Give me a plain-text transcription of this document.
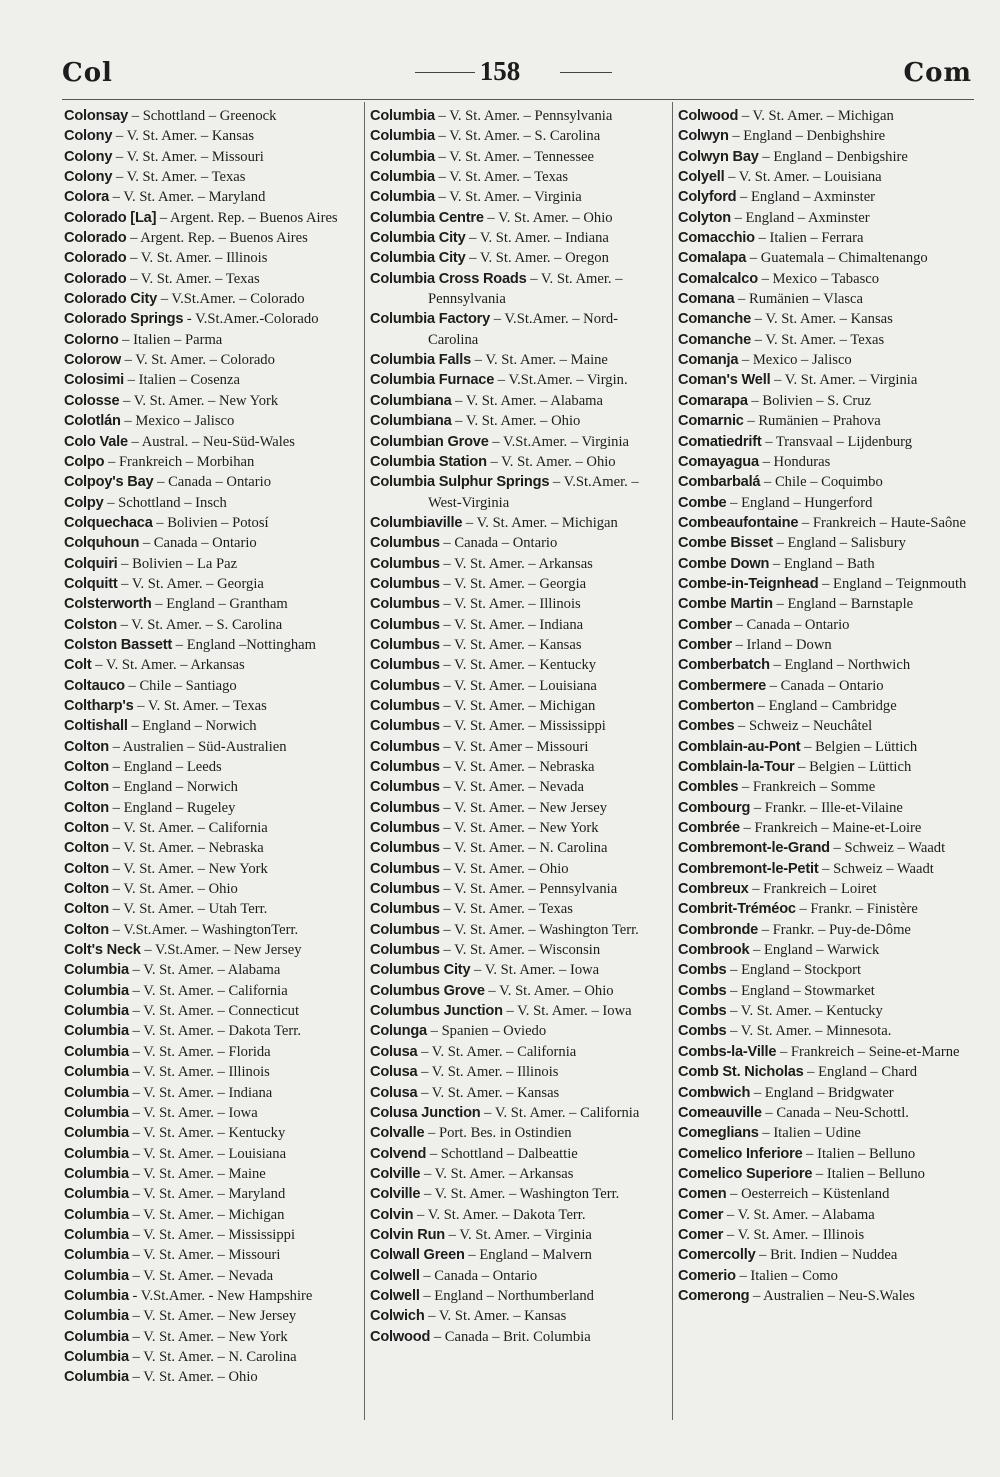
Col	158	Com
Colonsay – Schottland – Greenock
Colony – V. St. Amer. – Kansas
Colony – V. St. Amer. – Missouri
Colony – V. St. Amer. – Texas
Colora – V. St. Amer. – Maryland
Colorado [La] – Argent. Rep. – Buenos Aires
Colorado – Argent. Rep. – Buenos Aires
Colorado – V. St. Amer. – Illinois
Colorado – V. St. Amer. – Texas
Colorado City – V.St.Amer. – Colorado
Colorado Springs - V.St.Amer.-Colorado
Colorno – Italien – Parma
Colorow – V. St. Amer. – Colorado
Colosimi – Italien – Cosenza
Colosse – V. St. Amer. – New York
Colotlán – Mexico – Jalisco
Colo Vale – Austral. – Neu-Süd-Wales
Colpo – Frankreich – Morbihan
Colpoy's Bay – Canada – Ontario
Colpy – Schottland – Insch
Colquechaca – Bolivien – Potosí
Colquhoun – Canada – Ontario
Colquiri – Bolivien – La Paz
Colquitt – V. St. Amer. – Georgia
Colsterworth – England – Grantham
Colston – V. St. Amer. – S. Carolina
Colston Bassett – England –Nottingham
Colt – V. St. Amer. – Arkansas
Coltauco – Chile – Santiago
Coltharp's – V. St. Amer. – Texas
Coltishall – England – Norwich
Colton – Australien – Süd-Australien
Colton – England – Leeds
Colton – England – Norwich
Colton – England – Rugeley
Colton – V. St. Amer. – California
Colton – V. St. Amer. – Nebraska
Colton – V. St. Amer. – New York
Colton – V. St. Amer. – Ohio
Colton – V. St. Amer. – Utah Terr.
Colton – V.St.Amer. – WashingtonTerr.
Colt's Neck – V.St.Amer. – New Jersey
Columbia – V. St. Amer. – Alabama
Columbia – V. St. Amer. – California
Columbia – V. St. Amer. – Connecticut
Columbia – V. St. Amer. – Dakota Terr.
Columbia – V. St. Amer. – Florida
Columbia – V. St. Amer. – Illinois
Columbia – V. St. Amer. – Indiana
Columbia – V. St. Amer. – Iowa
Columbia – V. St. Amer. – Kentucky
Columbia – V. St. Amer. – Louisiana
Columbia – V. St. Amer. – Maine
Columbia – V. St. Amer. – Maryland
Columbia – V. St. Amer. – Michigan
Columbia – V. St. Amer. – Mississippi
Columbia – V. St. Amer. – Missouri
Columbia – V. St. Amer. – Nevada
Columbia - V.St.Amer. - New Hampshire
Columbia – V. St. Amer. – New Jersey
Columbia – V. St. Amer. – New York
Columbia – V. St. Amer. – N. Carolina
Columbia – V. St. Amer. – Ohio
Columbia – V. St. Amer. – Pennsylvania
Columbia – V. St. Amer. – S. Carolina
Columbia – V. St. Amer. – Tennessee
Columbia – V. St. Amer. – Texas
Columbia – V. St. Amer. – Virginia
Columbia Centre – V. St. Amer. – Ohio
Columbia City – V. St. Amer. – Indiana
Columbia City – V. St. Amer. – Oregon
Columbia Cross Roads – V. St. Amer. – Pennsylvania
Columbia Factory – V.St.Amer. – Nord-Carolina
Columbia Falls – V. St. Amer. – Maine
Columbia Furnace – V.St.Amer. – Virgin.
Columbiana – V. St. Amer. – Alabama
Columbiana – V. St. Amer. – Ohio
Columbian Grove – V.St.Amer. – Virginia
Columbia Station – V. St. Amer. – Ohio
Columbia Sulphur Springs – V.St.Amer. – West-Virginia
Columbiaville – V. St. Amer. – Michigan
Columbus – Canada – Ontario
Columbus – V. St. Amer. – Arkansas
Columbus – V. St. Amer. – Georgia
Columbus – V. St. Amer. – Illinois
Columbus – V. St. Amer. – Indiana
Columbus – V. St. Amer. – Kansas
Columbus – V. St. Amer. – Kentucky
Columbus – V. St. Amer. – Louisiana
Columbus – V. St. Amer. – Michigan
Columbus – V. St. Amer. – Mississippi
Columbus – V. St. Amer – Missouri
Columbus – V. St. Amer. – Nebraska
Columbus – V. St. Amer. – Nevada
Columbus – V. St. Amer. – New Jersey
Columbus – V. St. Amer. – New York
Columbus – V. St. Amer. – N. Carolina
Columbus – V. St. Amer. – Ohio
Columbus – V. St. Amer. – Pennsylvania
Columbus – V. St. Amer. – Texas
Columbus – V. St. Amer. – Washington Terr.
Columbus – V. St. Amer. – Wisconsin
Columbus City – V. St. Amer. – Iowa
Columbus Grove – V. St. Amer. – Ohio
Columbus Junction – V. St. Amer. – Iowa
Colunga – Spanien – Oviedo
Colusa – V. St. Amer. – California
Colusa – V. St. Amer. – Illinois
Colusa – V. St. Amer. – Kansas
Colusa Junction – V. St. Amer. – California
Colvalle – Port. Bes. in Ostindien
Colvend – Schottland – Dalbeattie
Colville – V. St. Amer. – Arkansas
Colville – V. St. Amer. – Washington Terr.
Colvin – V. St. Amer. – Dakota Terr.
Colvin Run – V. St. Amer. – Virginia
Colwall Green – England – Malvern
Colwell – Canada – Ontario
Colwell – England – Northumberland
Colwich – V. St. Amer. – Kansas
Colwood – Canada – Brit. Columbia
Colwood – V. St. Amer. – Michigan
Colwyn – England – Denbighshire
Colwyn Bay – England – Denbigshire
Colyell – V. St. Amer. – Louisiana
Colyford – England – Axminster
Colyton – England – Axminster
Comacchio – Italien – Ferrara
Comalapa – Guatemala – Chimaltenango
Comalcalco – Mexico – Tabasco
Comana – Rumänien – Vlasca
Comanche – V. St. Amer. – Kansas
Comanche – V. St. Amer. – Texas
Comanja – Mexico – Jalisco
Coman's Well – V. St. Amer. – Virginia
Comarapa – Bolivien – S. Cruz
Comarnic – Rumänien – Prahova
Comatiedrift – Transvaal – Lijdenburg
Comayagua – Honduras
Combarbalá – Chile – Coquimbo
Combe – England – Hungerford
Combeaufontaine – Frankreich – Haute-Saône
Combe Bisset – England – Salisbury
Combe Down – England – Bath
Combe-in-Teignhead – England – Teignmouth
Combe Martin – England – Barnstaple
Comber – Canada – Ontario
Comber – Irland – Down
Comberbatch – England – Northwich
Combermere – Canada – Ontario
Comberton – England – Cambridge
Combes – Schweiz – Neuchâtel
Comblain-au-Pont – Belgien – Lüttich
Comblain-la-Tour – Belgien – Lüttich
Combles – Frankreich – Somme
Combourg – Frankr. – Ille-et-Vilaine
Combrée – Frankreich – Maine-et-Loire
Combremont-le-Grand – Schweiz – Waadt
Combremont-le-Petit – Schweiz – Waadt
Combreux – Frankreich – Loiret
Combrit-Tréméoc – Frankr. – Finistère
Combronde – Frankr. – Puy-de-Dôme
Combrook – England – Warwick
Combs – England – Stockport
Combs – England – Stowmarket
Combs – V. St. Amer. – Kentucky
Combs – V. St. Amer. – Minnesota.
Combs-la-Ville – Frankreich – Seine-et-Marne
Comb St. Nicholas – England – Chard
Combwich – England – Bridgwater
Comeauville – Canada – Neu-Schottl.
Comeglians – Italien – Udine
Comelico Inferiore – Italien – Belluno
Comelico Superiore – Italien – Belluno
Comen – Oesterreich – Küstenland
Comer – V. St. Amer. – Alabama
Comer – V. St. Amer. – Illinois
Comercolly – Brit. Indien – Nuddea
Comerio – Italien – Como
Comerong – Australien – Neu-S.Wales
